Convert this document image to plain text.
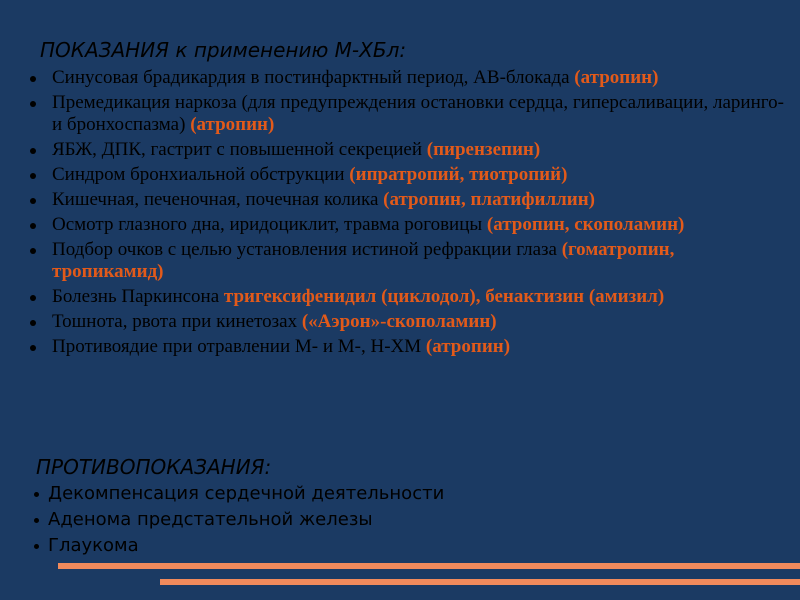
ПОКАЗАНИЯ к применению М-ХБл:
Синусовая брадикардия в постинфарктный период, АВ-блокада (атропин)
Премедикация наркоза (для предупреждения остановки сердца, гиперсаливации, ларинго- и бронхоспазма) (атропин)
ЯБЖ, ДПК, гастрит с повышенной секрецией (пирензепин)
Синдром бронхиальной обструкции (ипратропий, тиотропий)
Кишечная, печеночная, почечная колика (атропин, платифиллин)
Осмотр глазного дна, иридоциклит, травма роговицы (атропин, скополамин)
Подбор очков с целью установления истиной рефракции глаза (гоматропин, тропикамид)
Болезнь Паркинсона тригексифенидил (циклодол), бенактизин (амизил)
Тошнота, рвота при кинетозах («Аэрон»-скополамин)
Противоядие при отравлении М- и М-, Н-ХМ (атропин)
ПРОТИВОПОКАЗАНИЯ:
Декомпенсация сердечной деятельности
Аденома предстательной железы
Глаукома
